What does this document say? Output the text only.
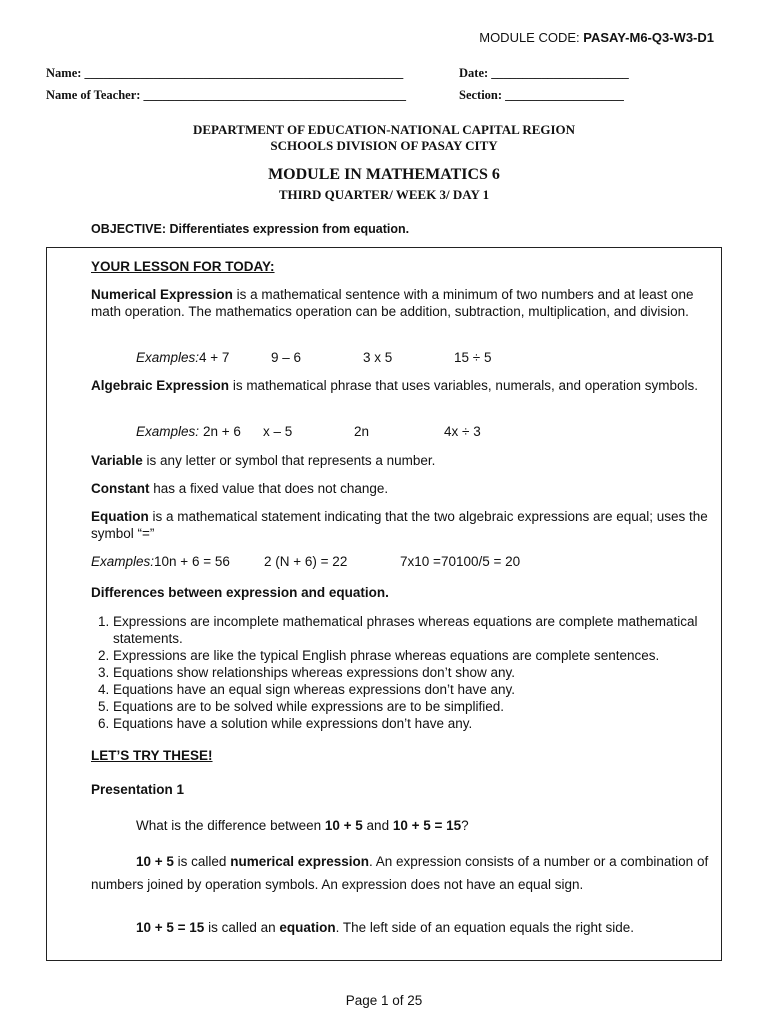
MODULE CODE: PASAY-M6-Q3-W3-D1
Name: ___________________________________________________	Date: ______________________
Name of Teacher: __________________________________________	Section: ___________________
DEPARTMENT OF EDUCATION-NATIONAL CAPITAL REGION
SCHOOLS DIVISION OF PASAY CITY
MODULE IN MATHEMATICS 6
THIRD QUARTER/ WEEK 3/ DAY 1
OBJECTIVE: Differentiates expression from equation.
YOUR LESSON FOR TODAY:
Numerical Expression is a mathematical sentence with a minimum of two numbers and at least one math operation. The mathematics operation can be addition, subtraction, multiplication, and division.
Examples:4 + 7	9 – 6	3 x 5	15 ÷ 5
Algebraic Expression is mathematical phrase that uses variables, numerals, and operation symbols.
Examples: 2n + 6 x – 5	2n	4x ÷ 3
Variable is any letter or symbol that represents a number.
Constant has a fixed value that does not change.
Equation is a mathematical statement indicating that the two algebraic expressions are equal; uses the symbol “=”
Examples:10n + 6 = 56	2 (N + 6) = 22	7x10 =70100/5 = 20
Differences between expression and equation.
1. Expressions are incomplete mathematical phrases whereas equations are complete mathematical statements.
2. Expressions are like the typical English phrase whereas equations are complete sentences.
3. Equations show relationships whereas expressions don’t show any.
4. Equations have an equal sign whereas expressions don’t have any.
5. Equations are to be solved while expressions are to be simplified.
6. Equations have a solution while expressions don’t have any.
LET’S TRY THESE!
Presentation 1
What is the difference between 10 + 5 and 10 + 5 = 15?
10 + 5 is called numerical expression. An expression consists of a number or a combination of numbers joined by operation symbols. An expression does not have an equal sign.
10 + 5 = 15 is called an equation. The left side of an equation equals the right side.
Page 1 of 25
